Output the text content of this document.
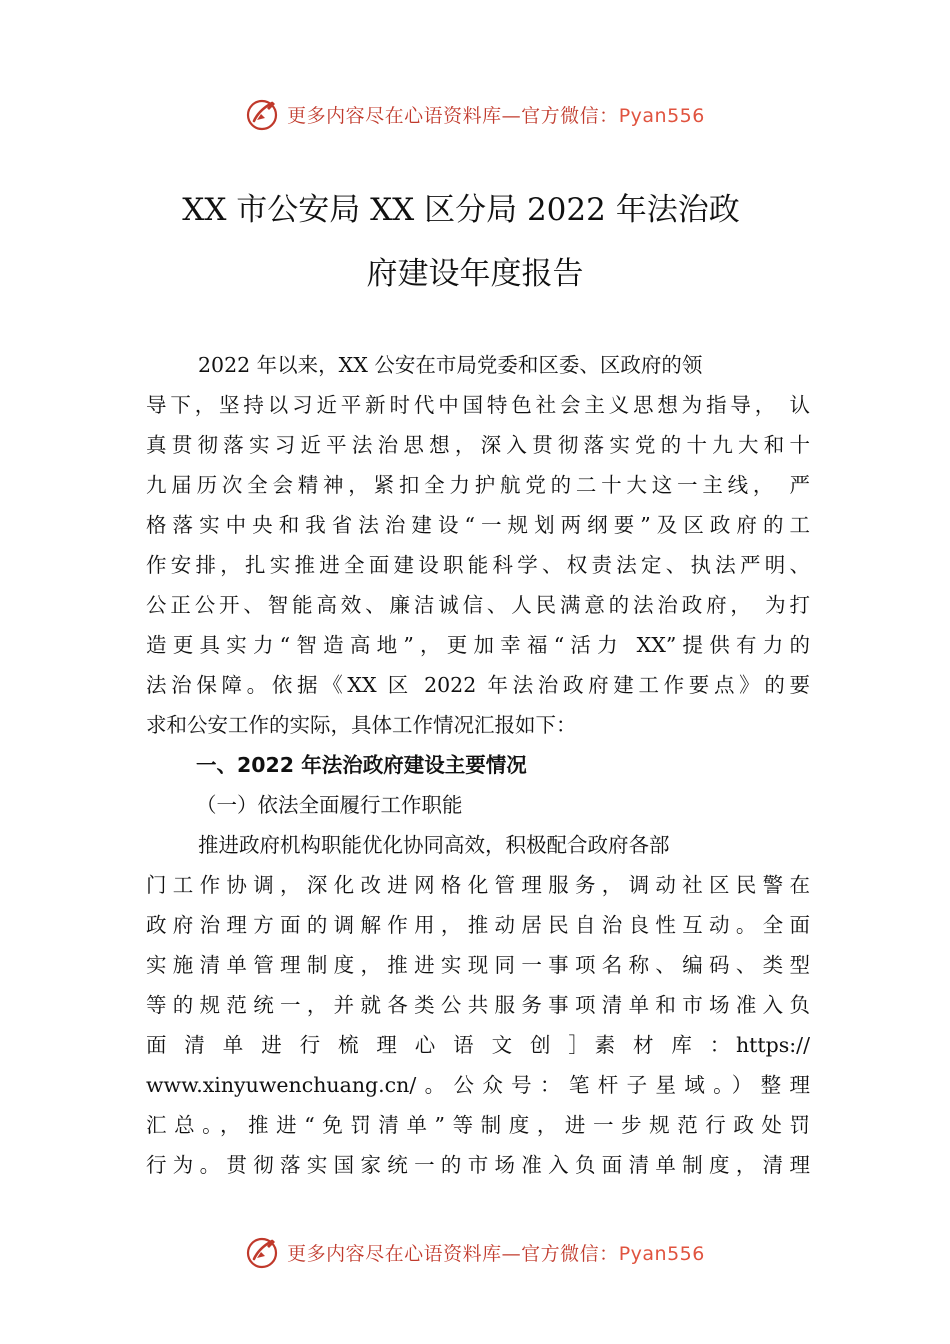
更多内容尽在心语资料库—官方微信：Pyan556
XX 市公安局 XX 区分局 2022 年法治政
府建设年度报告
2022 年以来，XX 公安在市局党委和区委、区政府的领
导下，坚持以习近平新时代中国特色社会主义思想为指导， 认
真贯彻落实习近平法治思想，深入贯彻落实党的十九大和十
九届历次全会精神，紧扣全力护航党的二十大这一主线， 严
格落实中央和我省法治建设“一规划两纲要”及区政府的工
作安排，扎实推进全面建设职能科学、权责法定、执法严明、
公正公开、智能高效、廉洁诚信、人民满意的法治政府， 为打
造更具实力“智造高地”，更加幸福“活力 XX”提供有力的
法治保障。依据《XX 区 2022 年法治政府建工作要点》的要
求和公安工作的实际，具体工作情况汇报如下：
一、2022 年法治政府建设主要情况
（一）依法全面履行工作职能
推进政府机构职能优化协同高效，积极配合政府各部
门工作协调，深化改进网格化管理服务，调动社区民警在
政府治理方面的调解作用，推动居民自治良性互动。全面
实施清单管理制度，推进实现同一事项名称、编码、类型
等的规范统一，并就各类公共服务事项清单和市场准入负
面 清 单 进 行 梳 理 心 语 文 创 ］素 材 库 ：https://
www.xinyuwenchuang.cn/。公众号：笔杆子星域。）整理
汇总。，推进“免罚清单”等制度，进一步规范行政处罚
行为。贯彻落实国家统一的市场准入负面清单制度，清理
更多内容尽在心语资料库—官方微信：Pyan556
